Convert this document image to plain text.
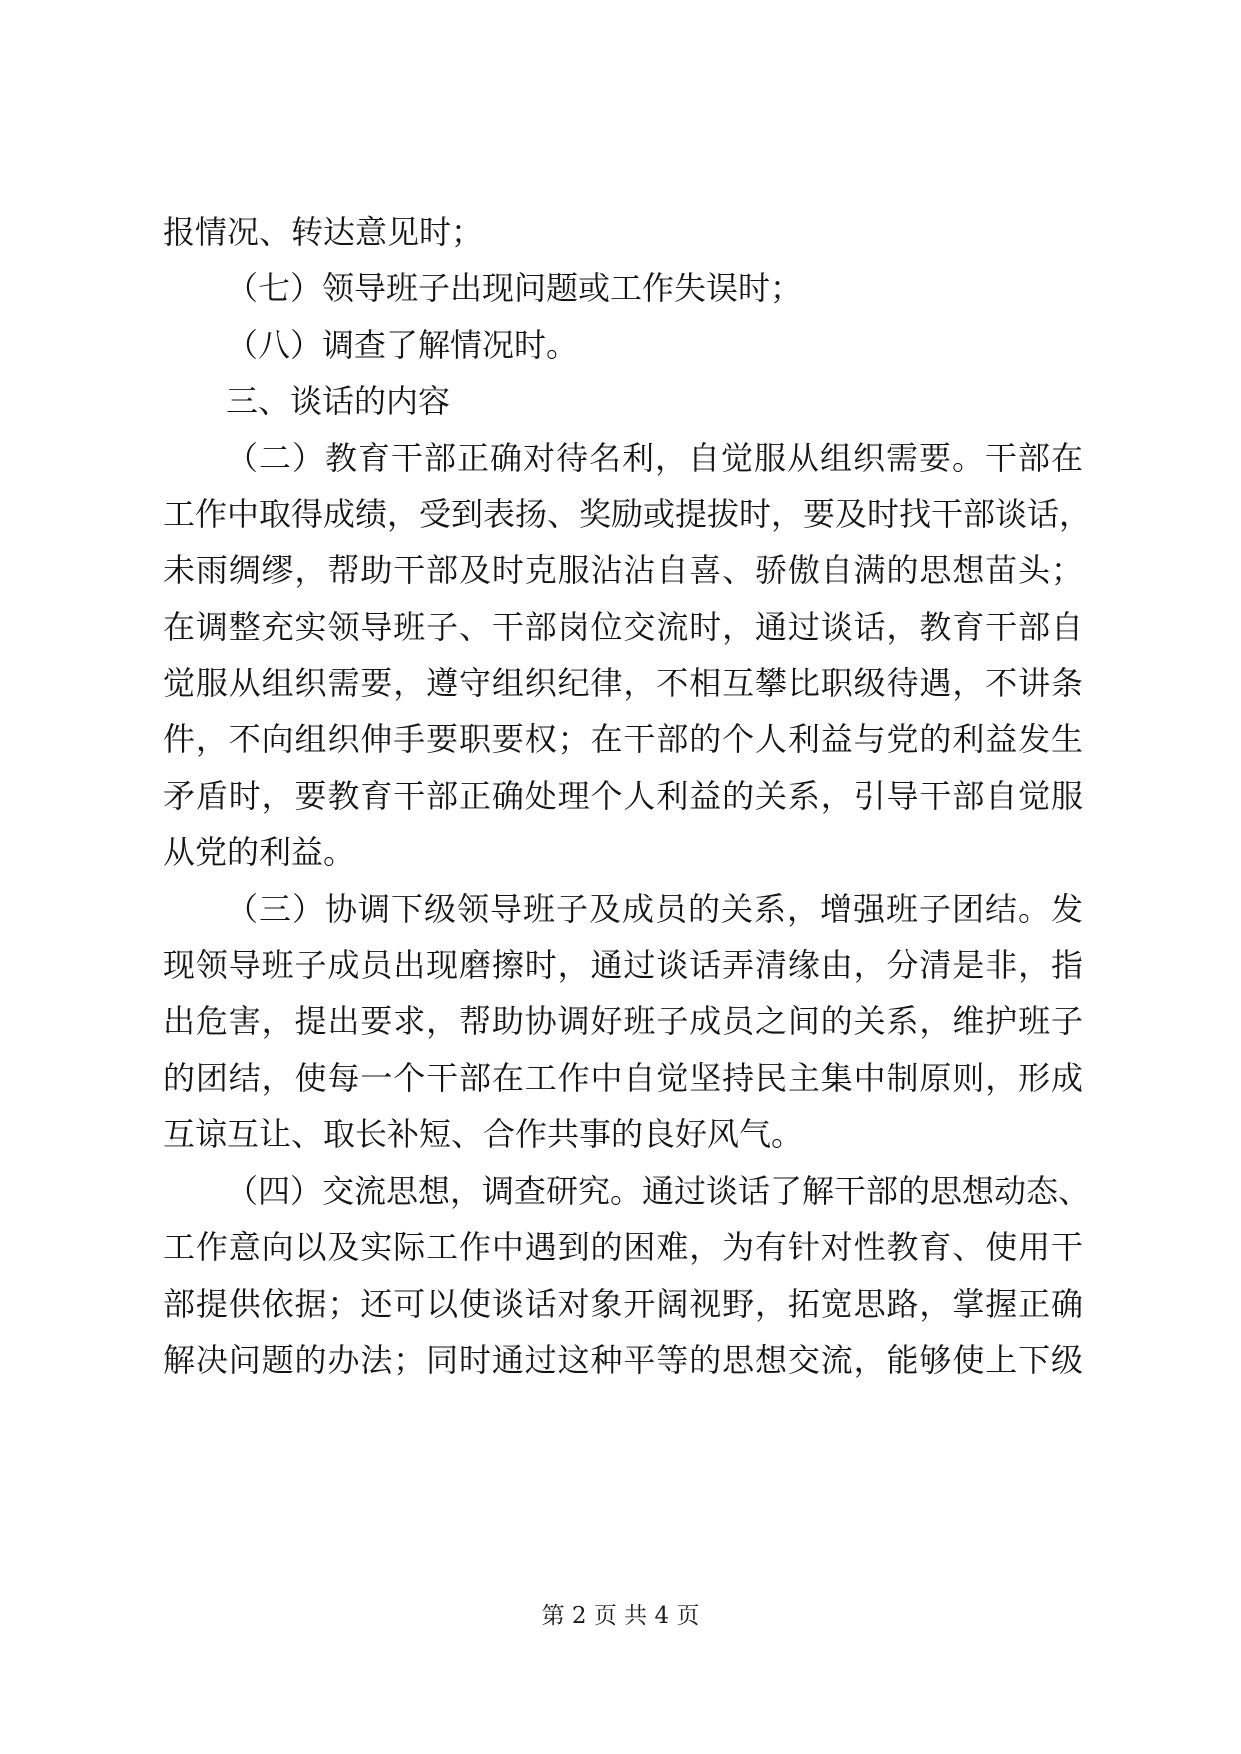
报情况、转达意见时；
（七）领导班子出现问题或工作失误时；
（八）调查了解情况时。
三、谈话的内容
（二）教育干部正确对待名利，自觉服从组织需要。干部在
工作中取得成绩，受到表扬、奖励或提拔时，要及时找干部谈话，
未雨绸缪，帮助干部及时克服沾沾自喜、骄傲自满的思想苗头；
在调整充实领导班子、干部岗位交流时，通过谈话，教育干部自
觉服从组织需要，遵守组织纪律，不相互攀比职级待遇，不讲条
件，不向组织伸手要职要权；在干部的个人利益与党的利益发生
矛盾时，要教育干部正确处理个人利益的关系，引导干部自觉服
从党的利益。
（三）协调下级领导班子及成员的关系，增强班子团结。发
现领导班子成员出现磨擦时，通过谈话弄清缘由，分清是非，指
出危害，提出要求，帮助协调好班子成员之间的关系，维护班子
的团结，使每一个干部在工作中自觉坚持民主集中制原则，形成
互谅互让、取长补短、合作共事的良好风气。
（四）交流思想，调查研究。通过谈话了解干部的思想动态、
工作意向以及实际工作中遇到的困难，为有针对性教育、使用干
部提供依据；还可以使谈话对象开阔视野，拓宽思路，掌握正确
解决问题的办法；同时通过这种平等的思想交流，能够使上下级
第 2 页 共 4 页
